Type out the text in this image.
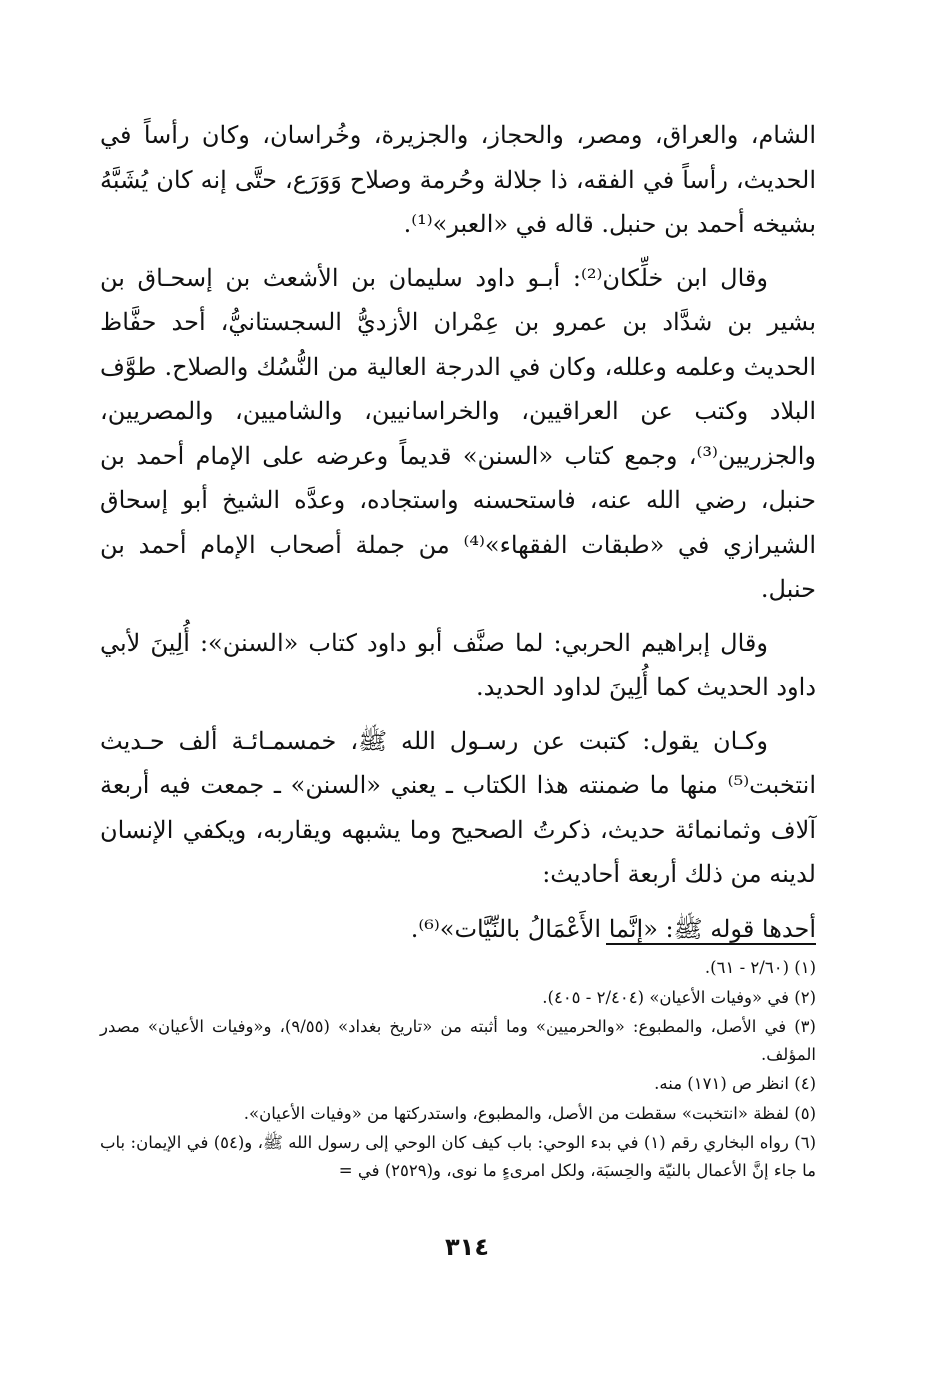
الشام، والعراق، ومصر، والحجاز، والجزيرة، وخُراسان، وكان رأساً في الحديث، رأساً في الفقه، ذا جلالة وحُرمة وصلاح وَوَرَع، حتَّى إنه كان يُشَبَّهُ بشيخه أحمد بن حنبل. قاله في «العبر»⁽¹⁾.

وقال ابن خلِّكان⁽²⁾: أبـو داود سليمان بن الأشعث بن إسحـاق بن بشير بن شدَّاد بن عمرو بن عِمْران الأزديُّ السجستانيُّ، أحد حفَّاظ الحديث وعلمه وعلله، وكان في الدرجة العالية من النُّسُك والصلاح. طوَّف البلاد وكتب عن العراقيين، والخراسانيين، والشاميين، والمصريين، والجزريين⁽³⁾، وجمع كتاب «السنن» قديماً وعرضه على الإمام أحمد بن حنبل، رضي الله عنه، فاستحسنه واستجاده، وعدَّه الشيخ أبو إسحاق الشيرازي في «طبقات الفقهاء»⁽⁴⁾ من جملة أصحاب الإمام أحمد بن حنبل.

وقال إبراهيم الحربي: لما صنَّف أبو داود كتاب «السنن»: أُلِينَ لأبي داود الحديث كما أُلِينَ لداود الحديد.

وكـان يقول: كتبت عن رسـول الله ﷺ، خمسمـائـة ألف حـديث انتخبت⁽⁵⁾ منها ما ضمنته هذا الكتاب ـ يعني «السنن» ـ جمعت فيه أربعة آلاف وثمانمائة حديث، ذكرتُ الصحيح وما يشبهه ويقاربه، ويكفي الإنسان لدينه من ذلك أربعة أحاديث:

أحدها قوله ﷺ: «إنَّما الأَعْمَالُ بالنِّيَّات»⁽⁶⁾.

(١) (٢/٦٠ - ٦١).

(٢) في «وفيات الأعيان» (٢/٤٠٤ - ٤٠٥).

(٣) في الأصل، والمطبوع: «والحرميين» وما أثبته من «تاريخ بغداد» (٩/٥٥)، و«وفيات الأعيان» مصدر المؤلف.

(٤) انظر ص (١٧١) منه.

(٥) لفظة «انتخبت» سقطت من الأصل، والمطبوع، واستدركتها من «وفيات الأعيان».

(٦) رواه البخاري رقم (١) في بدء الوحي: باب كيف كان الوحي إلى رسول الله ﷺ، و(٥٤) في الإيمان: باب ما جاء إنَّ الأعمال بالنيّة والحِسبَة، ولكل امرىءٍ ما نوى، و(٢٥٢٩) في =

٣١٤
